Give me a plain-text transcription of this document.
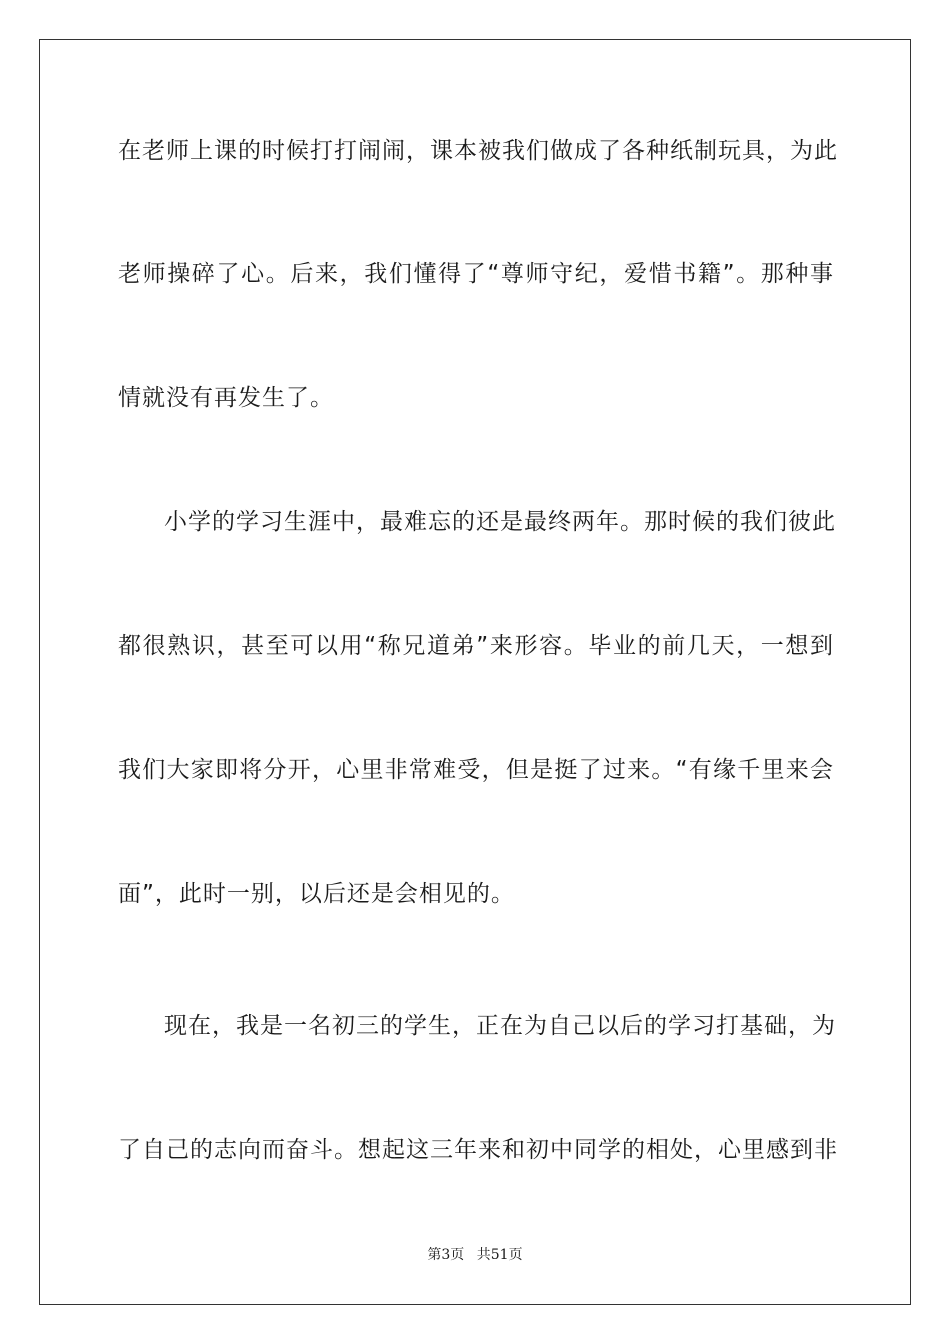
在老师上课的时候打打闹闹，课本被我们做成了各种纸制玩具，为此
老师操碎了心。后来，我们懂得了“尊师守纪，爱惜书籍”。那种事
情就没有再发生了。
小学的学习生涯中，最难忘的还是最终两年。那时候的我们彼此
都很熟识，甚至可以用“称兄道弟”来形容。毕业的前几天，一想到
我们大家即将分开，心里非常难受，但是挺了过来。“有缘千里来会
面”，此时一别，以后还是会相见的。
现在，我是一名初三的学生，正在为自己以后的学习打基础，为
了自己的志向而奋斗。想起这三年来和初中同学的相处，心里感到非
第3页 共51页
